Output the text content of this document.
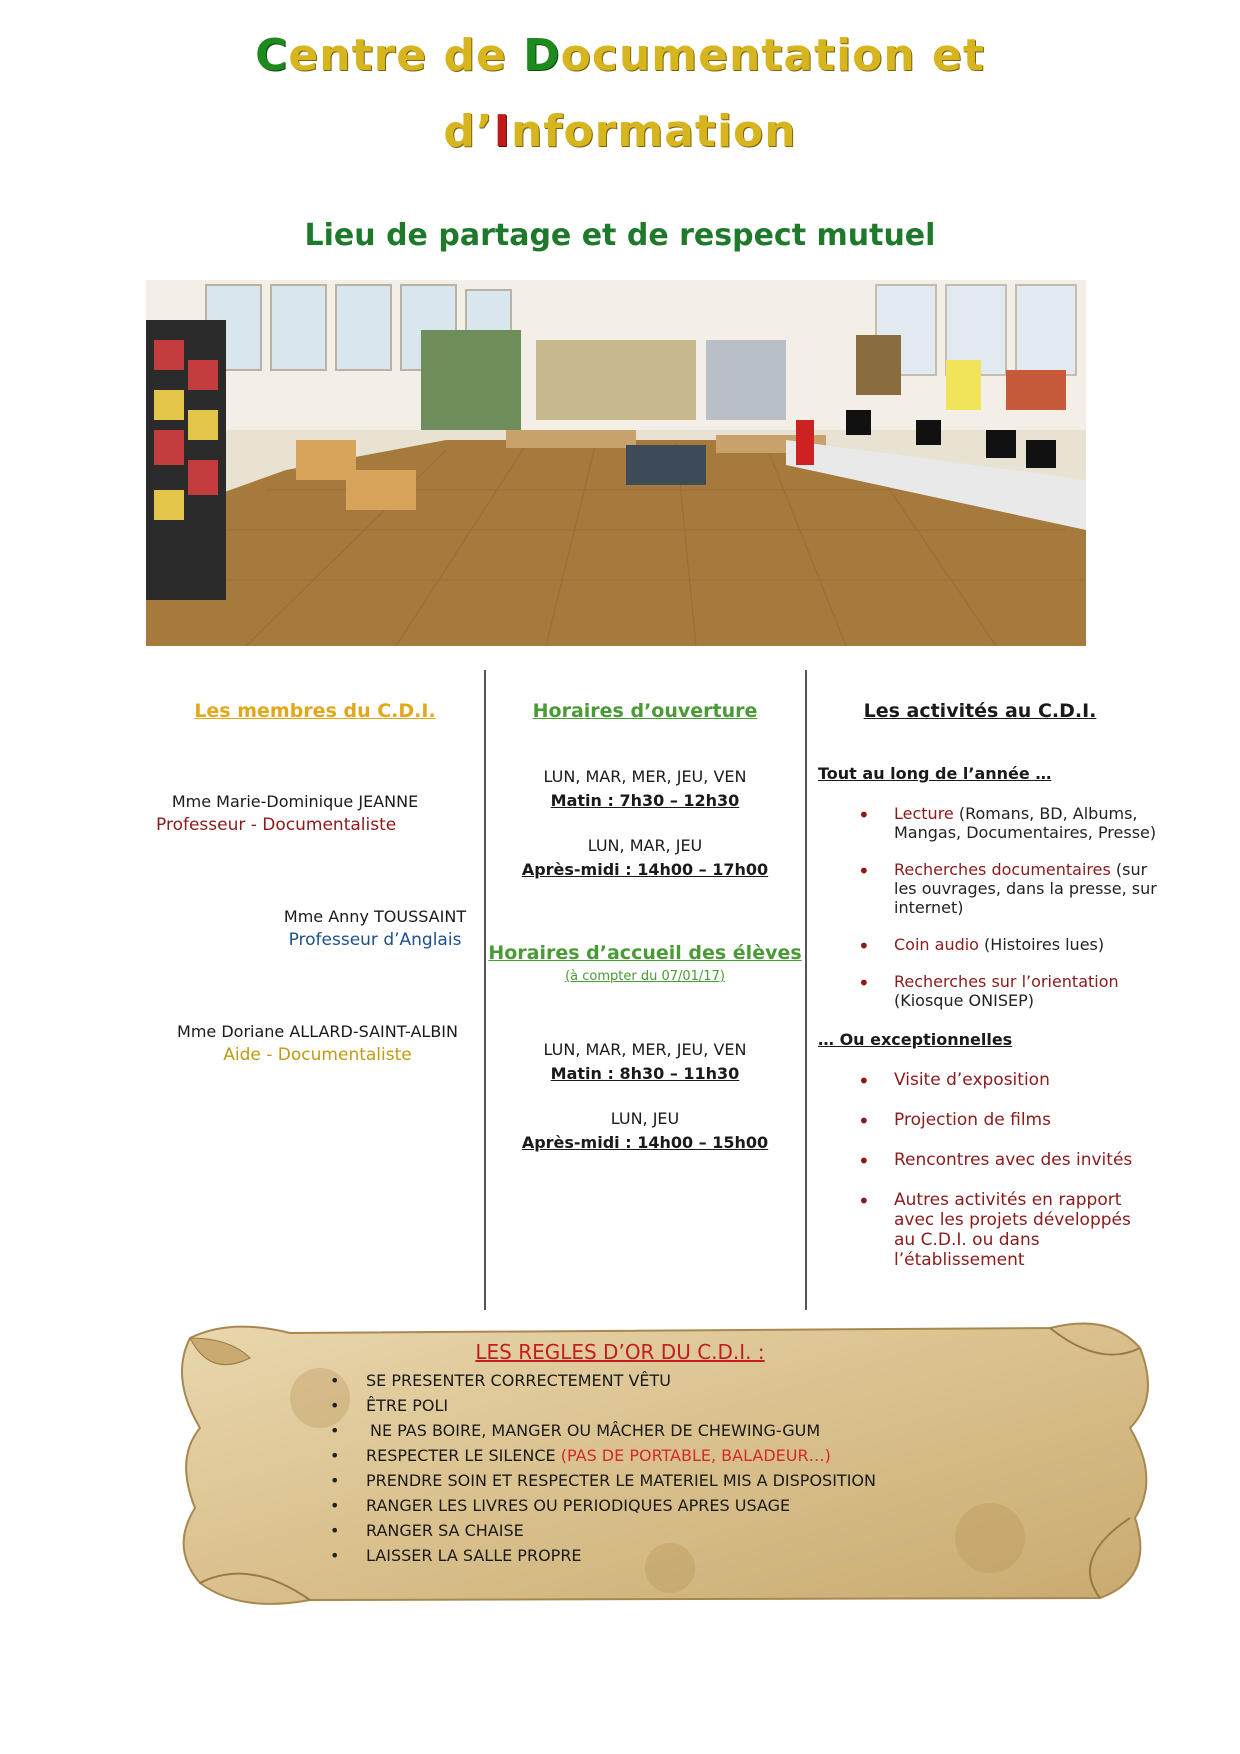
Centre de Documentation et
d’Information
Lieu de partage et de respect mutuel
Les membres du C.D.I.
Mme Marie-Dominique JEANNE
Professeur - Documentaliste
Mme Anny TOUSSAINT
Professeur d’Anglais
Mme Doriane ALLARD-SAINT-ALBIN
Aide - Documentaliste
Horaires d’ouverture
LUN, MAR, MER, JEU, VEN
Matin : 7h30 – 12h30
LUN, MAR, JEU
Après-midi : 14h00 – 17h00
Horaires d’accueil des élèves
(à compter du 07/01/17)
LUN, MAR, MER, JEU, VEN
Matin : 8h30 – 11h30
LUN, JEU
Après-midi : 14h00 – 15h00
Les activités au C.D.I.
Tout au long de l’année …
• Lecture (Romans, BD, Albums, Mangas, Documentaires, Presse)
• Recherches documentaires (sur les ouvrages, dans la presse, sur internet)
• Coin audio (Histoires lues)
• Recherches sur l’orientation (Kiosque ONISEP)
… Ou exceptionnelles
• Visite d’exposition
• Projection de films
• Rencontres avec des invités
• Autres activités en rapport avec les projets développés au C.D.I. ou dans l’établissement
LES REGLES D’OR DU C.D.I. :
• SE PRESENTER CORRECTEMENT VÊTU
• ÊTRE POLI
• NE PAS BOIRE, MANGER OU MÂCHER DE CHEWING-GUM
• RESPECTER LE SILENCE (PAS DE PORTABLE, BALADEUR…)
• PRENDRE SOIN ET RESPECTER LE MATERIEL MIS A DISPOSITION
• RANGER LES LIVRES OU PERIODIQUES APRES USAGE
• RANGER SA CHAISE
• LAISSER LA SALLE PROPRE
